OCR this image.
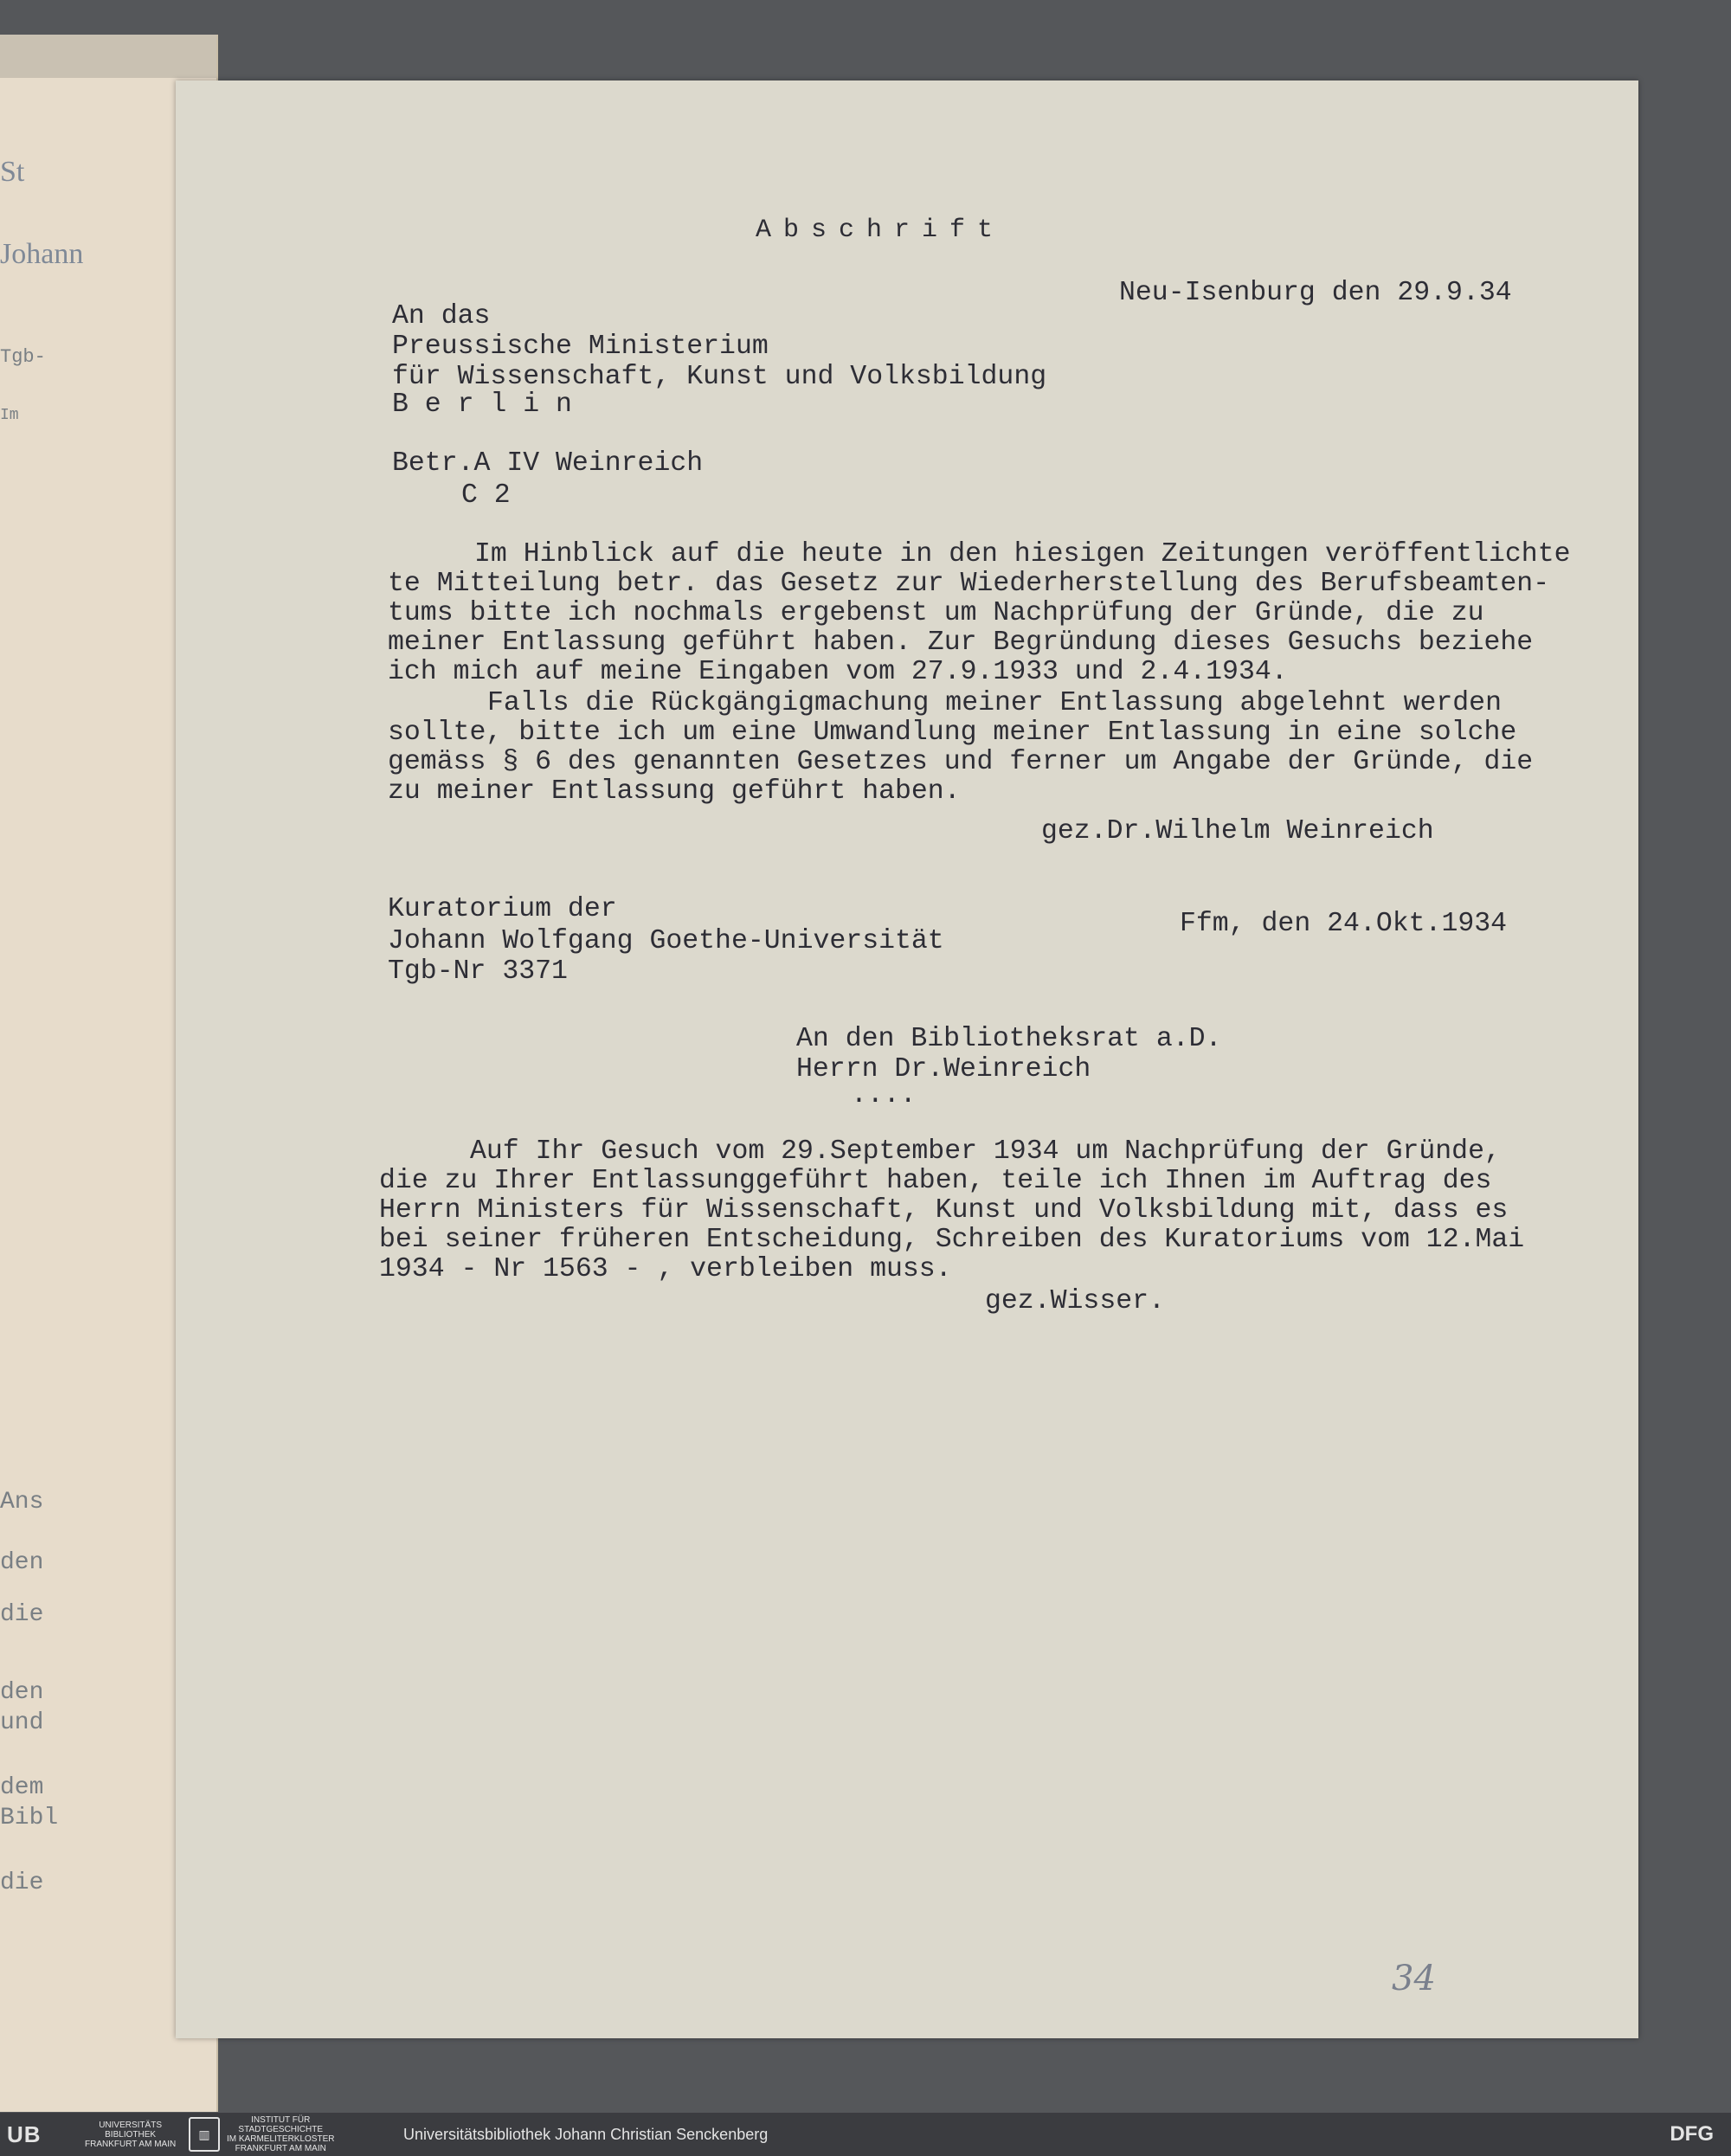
St
Johann
Tgb-
Im
Ans
den
die
den
und
dem
Bibl
die
Abschrift
Neu-Isenburg den 29.9.34
An das
Preussische Ministerium
für Wissenschaft, Kunst und Volksbildung
B e r l i n
Betr.A IV Weinreich
C 2
Im Hinblick auf die heute in den hiesigen Zeitungen veröffentlichte
te Mitteilung betr. das Gesetz zur Wiederherstellung des Berufsbeamten-
tums bitte ich nochmals ergebenst um Nachprüfung der Gründe, die zu
meiner Entlassung geführt haben. Zur Begründung dieses Gesuchs beziehe
ich mich auf meine Eingaben vom 27.9.1933 und 2.4.1934.
Falls die Rückgängigmachung meiner Entlassung abgelehnt werden
sollte, bitte ich um eine Umwandlung meiner Entlassung in eine solche
gemäss § 6 des genannten Gesetzes und ferner um Angabe der Gründe, die
zu meiner Entlassung geführt haben.
gez.Dr.Wilhelm Weinreich
Kuratorium der
Johann Wolfgang Goethe-Universität
Tgb-Nr 3371
Ffm, den 24.Okt.1934
An den Bibliotheksrat a.D.
Herrn Dr.Weinreich
....
Auf Ihr Gesuch vom 29.September 1934 um Nachprüfung der Gründe,
die zu Ihrer Entlassunggeführt haben, teile ich Ihnen im Auftrag des
Herrn Ministers für Wissenschaft, Kunst und Volksbildung mit, dass es
bei seiner früheren Entscheidung, Schreiben des Kuratoriums vom 12.Mai
1934 - Nr 1563 - , verbleiben muss.
gez.Wisser.
34
UB	UNIVERSITÄTS
BIBLIOTHEK
FRANKFURT AM MAIN
▥
INSTITUT FÜR
STADTGESCHICHTE
IM KARMELITERKLOSTER
FRANKFURT AM MAIN
Universitätsbibliothek Johann Christian Senckenberg	DFG
